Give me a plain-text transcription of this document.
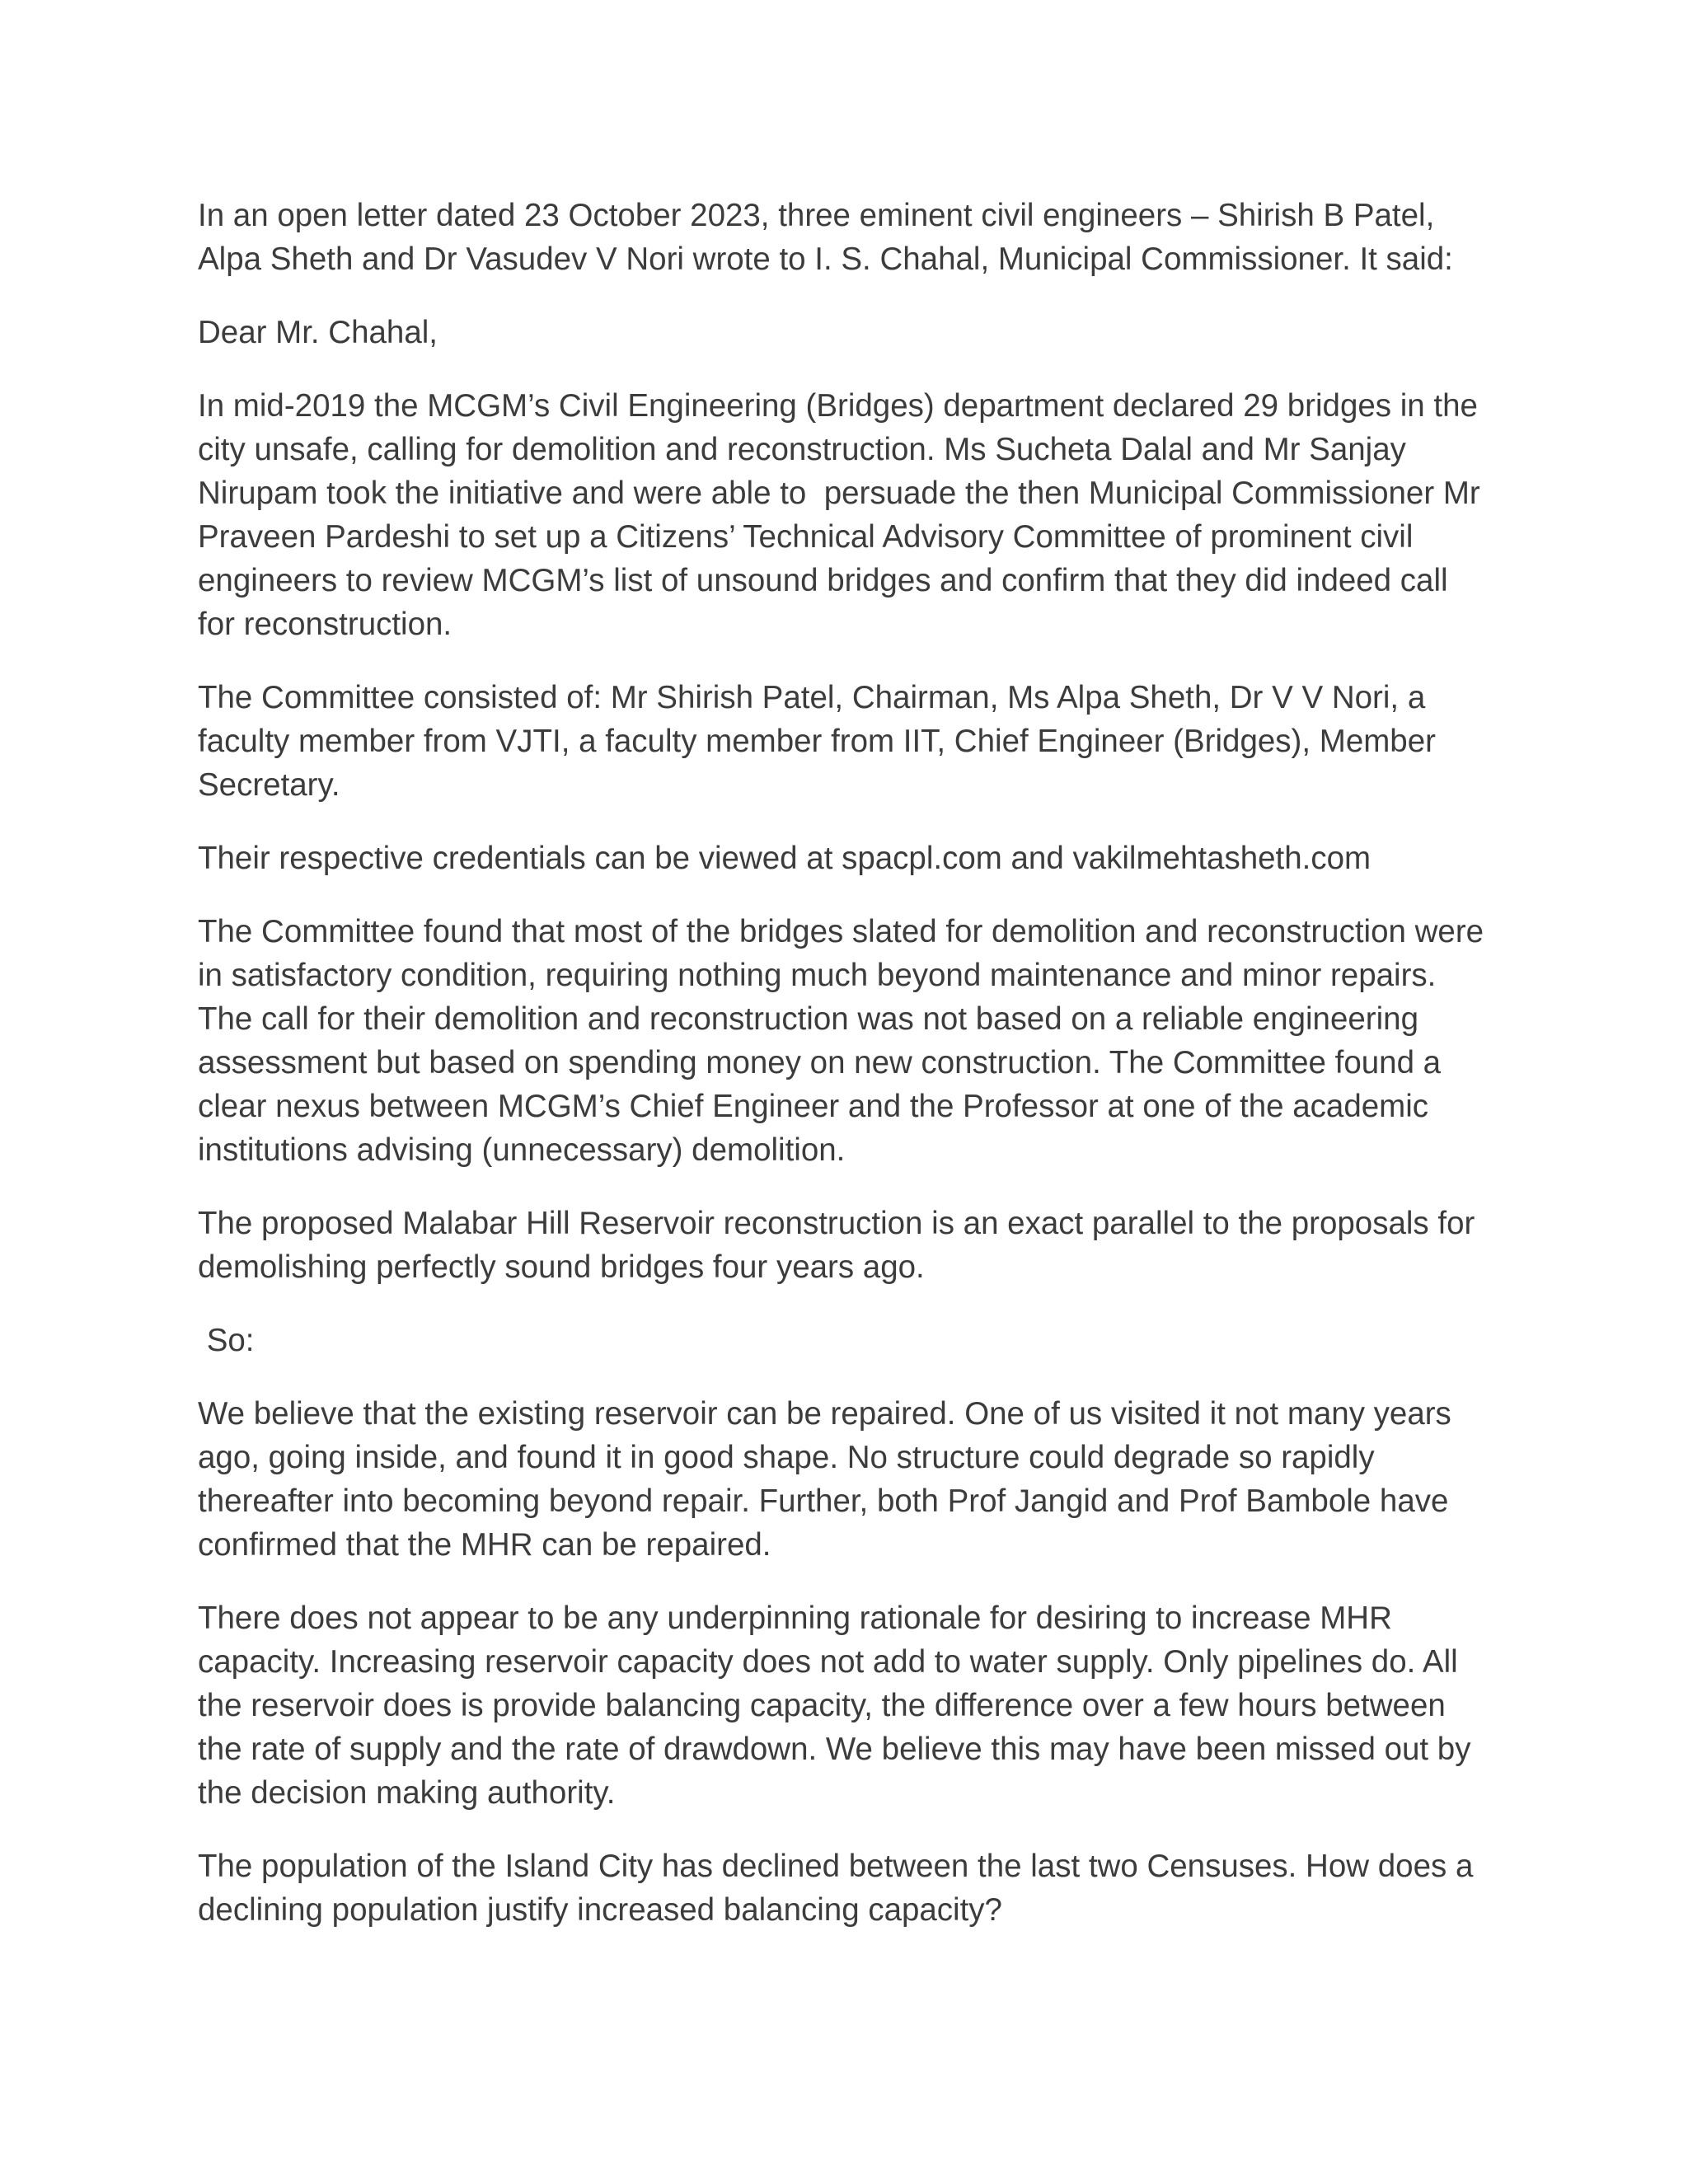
In an open letter dated 23 October 2023, three eminent civil engineers – Shirish B Patel, Alpa Sheth and Dr Vasudev V Nori wrote to I. S. Chahal, Municipal Commissioner. It said:

Dear Mr. Chahal,

In mid-2019 the MCGM’s Civil Engineering (Bridges) department declared 29 bridges in the city unsafe, calling for demolition and reconstruction. Ms Sucheta Dalal and Mr Sanjay Nirupam took the initiative and were able to  persuade the then Municipal Commissioner Mr Praveen Pardeshi to set up a Citizens’ Technical Advisory Committee of prominent civil engineers to review MCGM’s list of unsound bridges and confirm that they did indeed call for reconstruction.

The Committee consisted of: Mr Shirish Patel, Chairman, Ms Alpa Sheth, Dr V V Nori, a faculty member from VJTI, a faculty member from IIT, Chief Engineer (Bridges), Member Secretary.

Their respective credentials can be viewed at spacpl.com and vakilmehtasheth.com

The Committee found that most of the bridges slated for demolition and reconstruction were in satisfactory condition, requiring nothing much beyond maintenance and minor repairs. The call for their demolition and reconstruction was not based on a reliable engineering assessment but based on spending money on new construction. The Committee found a clear nexus between MCGM’s Chief Engineer and the Professor at one of the academic institutions advising (unnecessary) demolition.

The proposed Malabar Hill Reservoir reconstruction is an exact parallel to the proposals for demolishing perfectly sound bridges four years ago.

So:

We believe that the existing reservoir can be repaired. One of us visited it not many years ago, going inside, and found it in good shape. No structure could degrade so rapidly thereafter into becoming beyond repair. Further, both Prof Jangid and Prof Bambole have confirmed that the MHR can be repaired.

There does not appear to be any underpinning rationale for desiring to increase MHR capacity. Increasing reservoir capacity does not add to water supply. Only pipelines do. All the reservoir does is provide balancing capacity, the difference over a few hours between the rate of supply and the rate of drawdown. We believe this may have been missed out by the decision making authority.

The population of the Island City has declined between the last two Censuses. How does a declining population justify increased balancing capacity?
